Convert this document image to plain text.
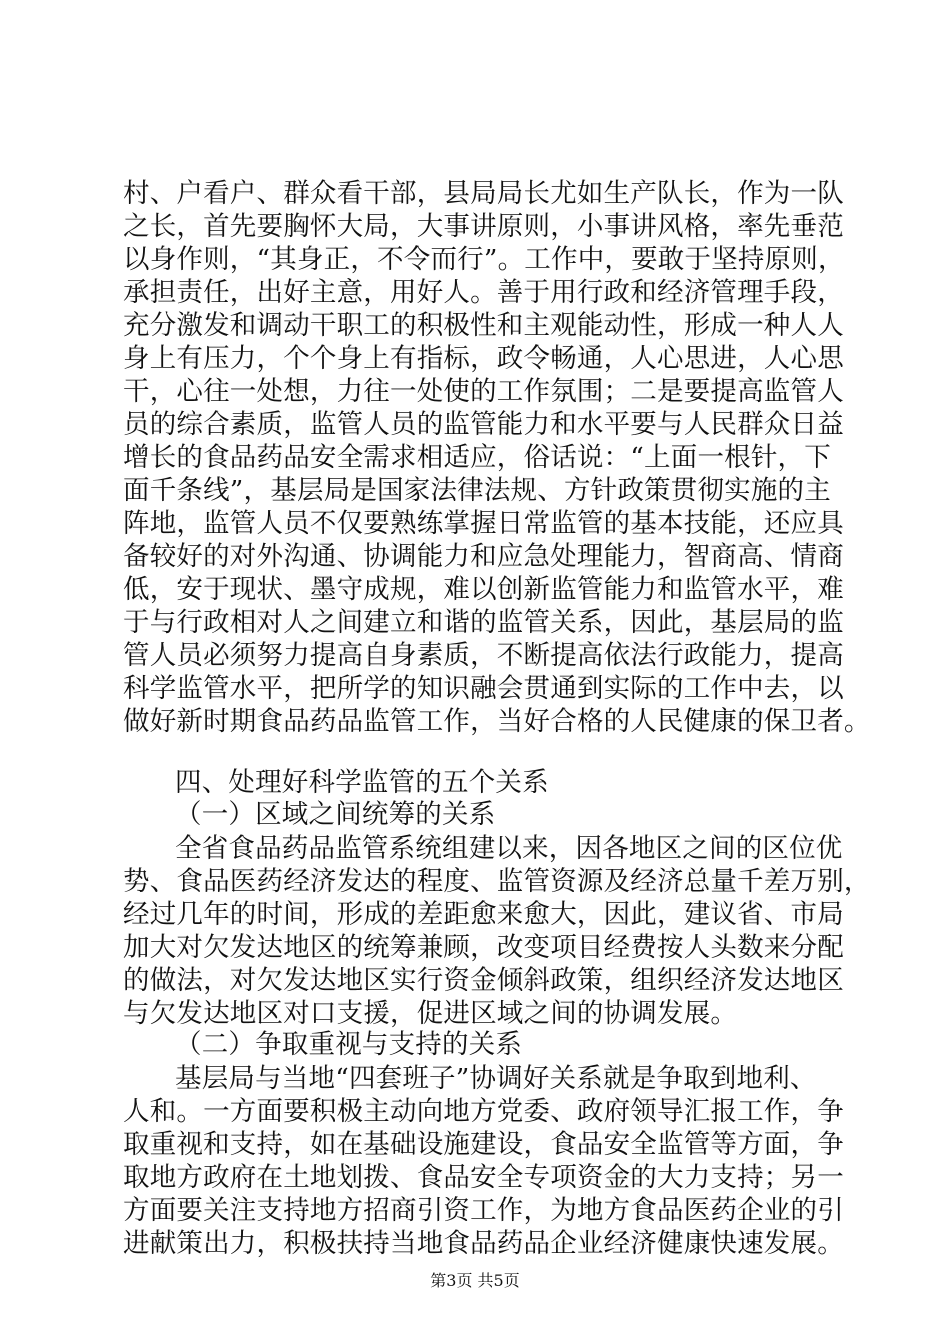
村、户看户、群众看干部，县局局长尤如生产队长，作为一队
之长，首先要胸怀大局，大事讲原则，小事讲风格，率先垂范
以身作则，“其身正，不令而行”。工作中，要敢于坚持原则，
承担责任，出好主意，用好人。善于用行政和经济管理手段，
充分激发和调动干职工的积极性和主观能动性，形成一种人人
身上有压力，个个身上有指标，政令畅通，人心思进，人心思
干，心往一处想，力往一处使的工作氛围；二是要提高监管人
员的综合素质，监管人员的监管能力和水平要与人民群众日益
增长的食品药品安全需求相适应，俗话说：“上面一根针，下
面千条线”，基层局是国家法律法规、方针政策贯彻实施的主
阵地，监管人员不仅要熟练掌握日常监管的基本技能，还应具
备较好的对外沟通、协调能力和应急处理能力，智商高、情商
低，安于现状、墨守成规，难以创新监管能力和监管水平，难
于与行政相对人之间建立和谐的监管关系，因此，基层局的监
管人员必须努力提高自身素质，不断提高依法行政能力，提高
科学监管水平，把所学的知识融会贯通到实际的工作中去，以
做好新时期食品药品监管工作，当好合格的人民健康的保卫者。
四、处理好科学监管的五个关系
（一）区域之间统筹的关系
全省食品药品监管系统组建以来，因各地区之间的区位优
势、食品医药经济发达的程度、监管资源及经济总量千差万别，
经过几年的时间，形成的差距愈来愈大，因此，建议省、市局
加大对欠发达地区的统筹兼顾，改变项目经费按人头数来分配
的做法，对欠发达地区实行资金倾斜政策，组织经济发达地区
与欠发达地区对口支援，促进区域之间的协调发展。
（二）争取重视与支持的关系
基层局与当地“四套班子”协调好关系就是争取到地利、
人和。一方面要积极主动向地方党委、政府领导汇报工作，争
取重视和支持，如在基础设施建设，食品安全监管等方面，争
取地方政府在土地划拨、食品安全专项资金的大力支持；另一
方面要关注支持地方招商引资工作，为地方食品医药企业的引
进献策出力，积极扶持当地食品药品企业经济健康快速发展。
第3页 共5页
